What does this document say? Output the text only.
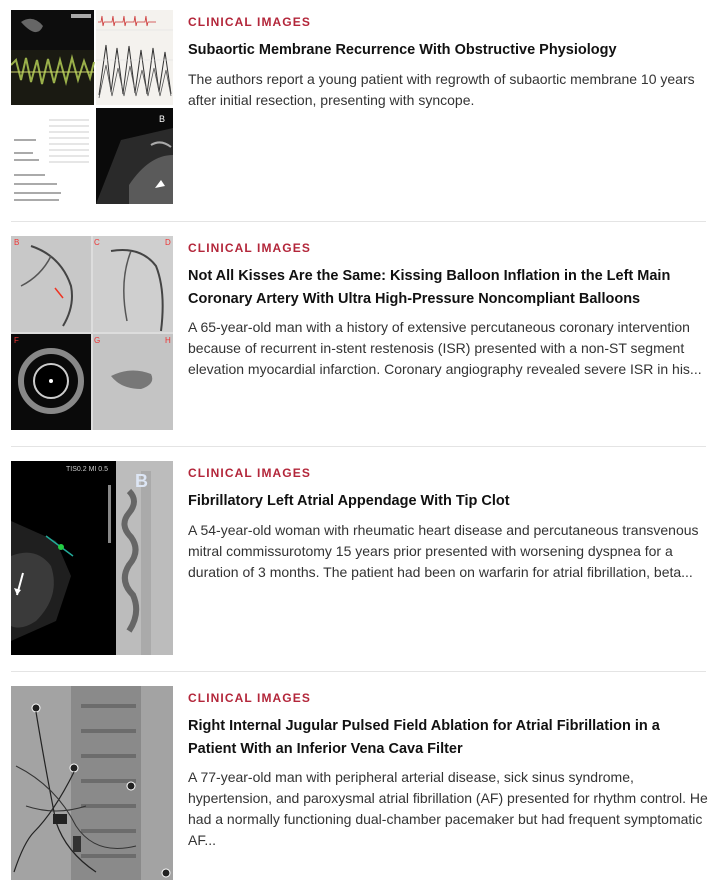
B
CLINICAL IMAGES
Subaortic Membrane Recurrence With Obstructive Physiology
The authors report a young patient with regrowth of subaortic membrane 10 years after initial resection, presenting with syncope.
B	C	D
F	G	H
CLINICAL IMAGES
Not All Kisses Are the Same: Kissing Balloon Inflation in the Left Main Coronary Artery With Ultra High-Pressure Noncompliant Balloons
A 65-year-old man with a history of extensive percutaneous coronary intervention because of recurrent in-stent restenosis (ISR) presented with a non-ST segment elevation myocardial infarction. Coronary angiography revealed severe ISR in his...
TIS0.2 MI 0.5
B	CLINICAL IMAGES
Fibrillatory Left Atrial Appendage With Tip Clot
A 54-year-old woman with rheumatic heart disease and percutaneous transvenous mitral commissurotomy 15 years prior presented with worsening dyspnea for a duration of 3 months. The patient had been on warfarin for atrial fibrillation, beta...
CLINICAL IMAGES
Right Internal Jugular Pulsed Field Ablation for Atrial Fibrillation in a Patient With an Inferior Vena Cava Filter
A 77-year-old man with peripheral arterial disease, sick sinus syndrome, hypertension, and paroxysmal atrial fibrillation (AF) presented for rhythm control. He had a normally functioning dual-chamber pacemaker but had frequent symptomatic AF...
